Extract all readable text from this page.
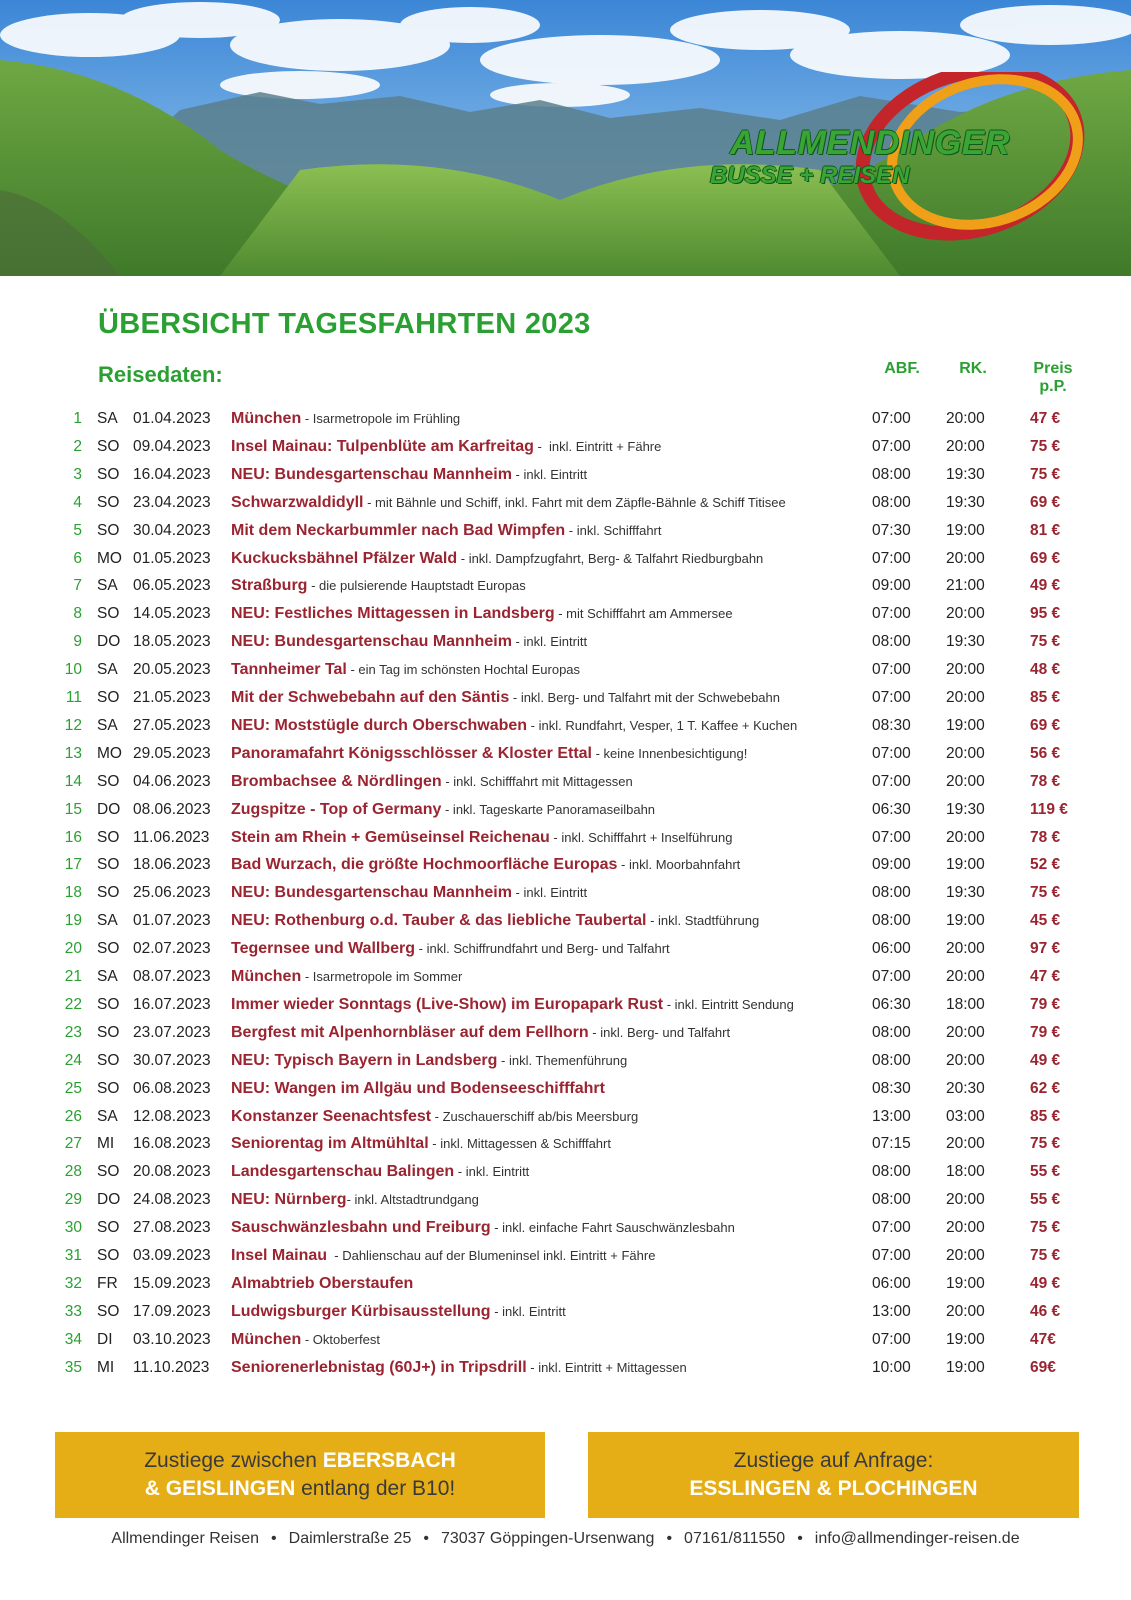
ALLMENDINGER
BUSSE + REISEN
ÜBERSICHT TAGESFAHRTEN 2023
Reisedaten:	ABF.	RK.	Preis p.P.
1 SA 01.04.2023 München - Isarmetropole im Frühling	07:00 20:00	47 €
2 SO 09.04.2023 Insel Mainau: Tulpenblüte am Karfreitag -  inkl. Eintritt + Fähre	07:00 20:00	75 €
3 SO 16.04.2023 NEU: Bundesgartenschau Mannheim - inkl. Eintritt	08:00 19:30	75 €
4 SO 23.04.2023 Schwarzwaldidyll - mit Bähnle und Schiff, inkl. Fahrt mit dem Zäpfle-Bähnle & Schiff Titisee	08:00 19:30	69 €
5 SO 30.04.2023 Mit dem Neckarbummler nach Bad Wimpfen - inkl. Schifffahrt	07:30 19:00	81 €
6 MO 01.05.2023 Kuckucksbähnel Pfälzer Wald - inkl. Dampfzugfahrt, Berg- & Talfahrt Riedburgbahn	07:00 20:00	69 €
7 SA 06.05.2023 Straßburg - die pulsierende Hauptstadt Europas	09:00 21:00	49 €
8 SO 14.05.2023 NEU: Festliches Mittagessen in Landsberg - mit Schifffahrt am Ammersee	07:00 20:00	95 €
9 DO 18.05.2023 NEU: Bundesgartenschau Mannheim - inkl. Eintritt	08:00 19:30	75 €
10 SA 20.05.2023 Tannheimer Tal - ein Tag im schönsten Hochtal Europas	07:00 20:00	48 €
11 SO 21.05.2023 Mit der Schwebebahn auf den Säntis - inkl. Berg- und Talfahrt mit der Schwebebahn	07:00 20:00	85 €
12 SA 27.05.2023 NEU: Moststügle durch Oberschwaben - inkl. Rundfahrt, Vesper, 1 T. Kaffee + Kuchen	08:30 19:00	69 €
13 MO 29.05.2023 Panoramafahrt Königsschlösser & Kloster Ettal - keine Innenbesichtigung!	07:00 20:00	56 €
14 SO 04.06.2023 Brombachsee & Nördlingen - inkl. Schifffahrt mit Mittagessen	07:00 20:00	78 €
15 DO 08.06.2023 Zugspitze - Top of Germany - inkl. Tageskarte Panoramaseilbahn	06:30 19:30	119 €
16 SO 11.06.2023 Stein am Rhein + Gemüseinsel Reichenau - inkl. Schifffahrt + Inselführung	07:00 20:00	78 €
17 SO 18.06.2023 Bad Wurzach, die größte Hochmoorfläche Europas - inkl. Moorbahnfahrt	09:00 19:00	52 €
18 SO 25.06.2023 NEU: Bundesgartenschau Mannheim - inkl. Eintritt	08:00 19:30	75 €
19 SA 01.07.2023 NEU: Rothenburg o.d. Tauber & das liebliche Taubertal - inkl. Stadtführung	08:00 19:00	45 €
20 SO 02.07.2023 Tegernsee und Wallberg - inkl. Schiffrundfahrt und Berg- und Talfahrt	06:00 20:00	97 €
21 SA 08.07.2023 München - Isarmetropole im Sommer	07:00 20:00	47 €
22 SO 16.07.2023 Immer wieder Sonntags (Live-Show) im Europapark Rust - inkl. Eintritt Sendung	06:30 18:00	79 €
23 SO 23.07.2023 Bergfest mit Alpenhornbläser auf dem Fellhorn - inkl. Berg- und Talfahrt	08:00 20:00	79 €
24 SO 30.07.2023 NEU: Typisch Bayern in Landsberg - inkl. Themenführung	08:00 20:00	49 €
25 SO 06.08.2023 NEU: Wangen im Allgäu und Bodenseeschifffahrt	08:30 20:30	62 €
26 SA 12.08.2023 Konstanzer Seenachtsfest - Zuschauerschiff ab/bis Meersburg	13:00 03:00	85 €
27 MI 16.08.2023 Seniorentag im Altmühltal - inkl. Mittagessen & Schifffahrt	07:15 20:00	75 €
28 SO 20.08.2023 Landesgartenschau Balingen - inkl. Eintritt	08:00 18:00	55 €
29 DO 24.08.2023 NEU: Nürnberg- inkl. Altstadtrundgang	08:00 20:00	55 €
30 SO 27.08.2023 Sauschwänzlesbahn und Freiburg - inkl. einfache Fahrt Sauschwänzlesbahn	07:00 20:00	75 €
31 SO 03.09.2023 Insel Mainau  - Dahlienschau auf der Blumeninsel inkl. Eintritt + Fähre	07:00 20:00	75 €
32 FR 15.09.2023 Almabtrieb Oberstaufen	06:00 19:00	49 €
33 SO 17.09.2023 Ludwigsburger Kürbisausstellung - inkl. Eintritt	13:00 20:00	46 €
34 DI 03.10.2023 München - Oktoberfest	07:00 19:00	47€
35 MI 11.10.2023 Seniorenerlebnistag (60J+) in Tripsdrill - inkl. Eintritt + Mittagessen	10:00 19:00	69€
Zustiege zwischen EBERSBACH
& GEISLINGEN entlang der B10!
Zustiege auf Anfrage:
ESSLINGEN & PLOCHINGEN
Allmendinger Reisen • Daimlerstraße 25 • 73037 Göppingen-Ursenwang • 07161/811550 • info@allmendinger-reisen.de
